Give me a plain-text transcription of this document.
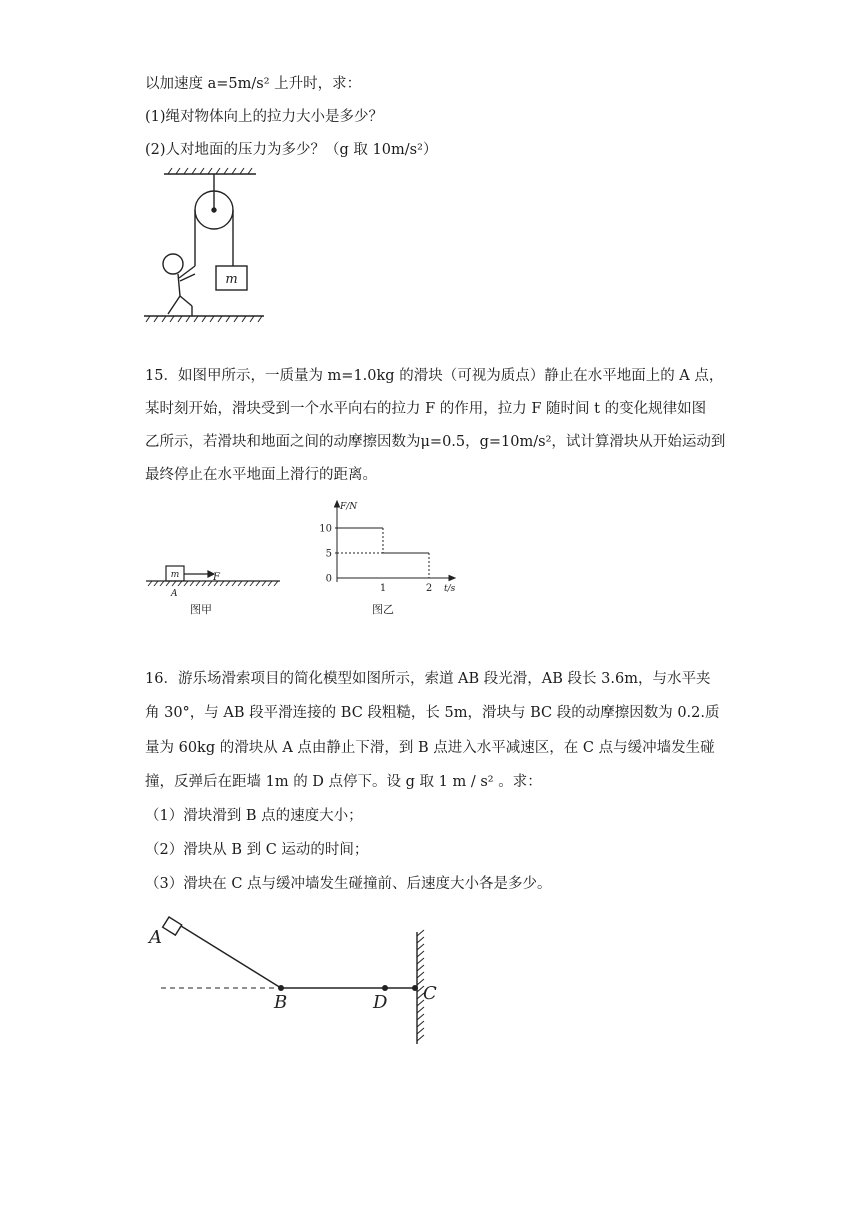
以加速度 a=5m/s² 上升时，求：
(1)绳对物体向上的拉力大小是多少？
(2)人对地面的压力为多少？（g 取 10m/s²）
m
15．如图甲所示，一质量为 m=1.0kg 的滑块（可视为质点）静止在水平地面上的 A 点，
某时刻开始，滑块受到一个水平向右的拉力 F 的作用，拉力 F 随时间 t 的变化规律如图
乙所示，若滑块和地面之间的动摩擦因数为μ=0.5，g=10m/s²，试计算滑块从开始运动到
最终停止在水平地面上滑行的距离。
m	F
A
图甲
10
5
0
1	2
F/N
t/s
图乙
16．游乐场滑索项目的简化模型如图所示，索道 AB 段光滑，AB 段长 3.6m，与水平夹
角 30°，与 AB 段平滑连接的 BC 段粗糙，长 5m，滑块与 BC 段的动摩擦因数为 0.2.质
量为 60kg 的滑块从 A 点由静止下滑，到 B 点进入水平减速区，在 C 点与缓冲墙发生碰
撞，反弹后在距墙 1m 的 D 点停下。设 g 取 1 m / s² 。求：
（1）滑块滑到 B 点的速度大小；
（2）滑块从 B 到 C 运动的时间；
（3）滑块在 C 点与缓冲墙发生碰撞前、后速度大小各是多少。
A
B	D C
